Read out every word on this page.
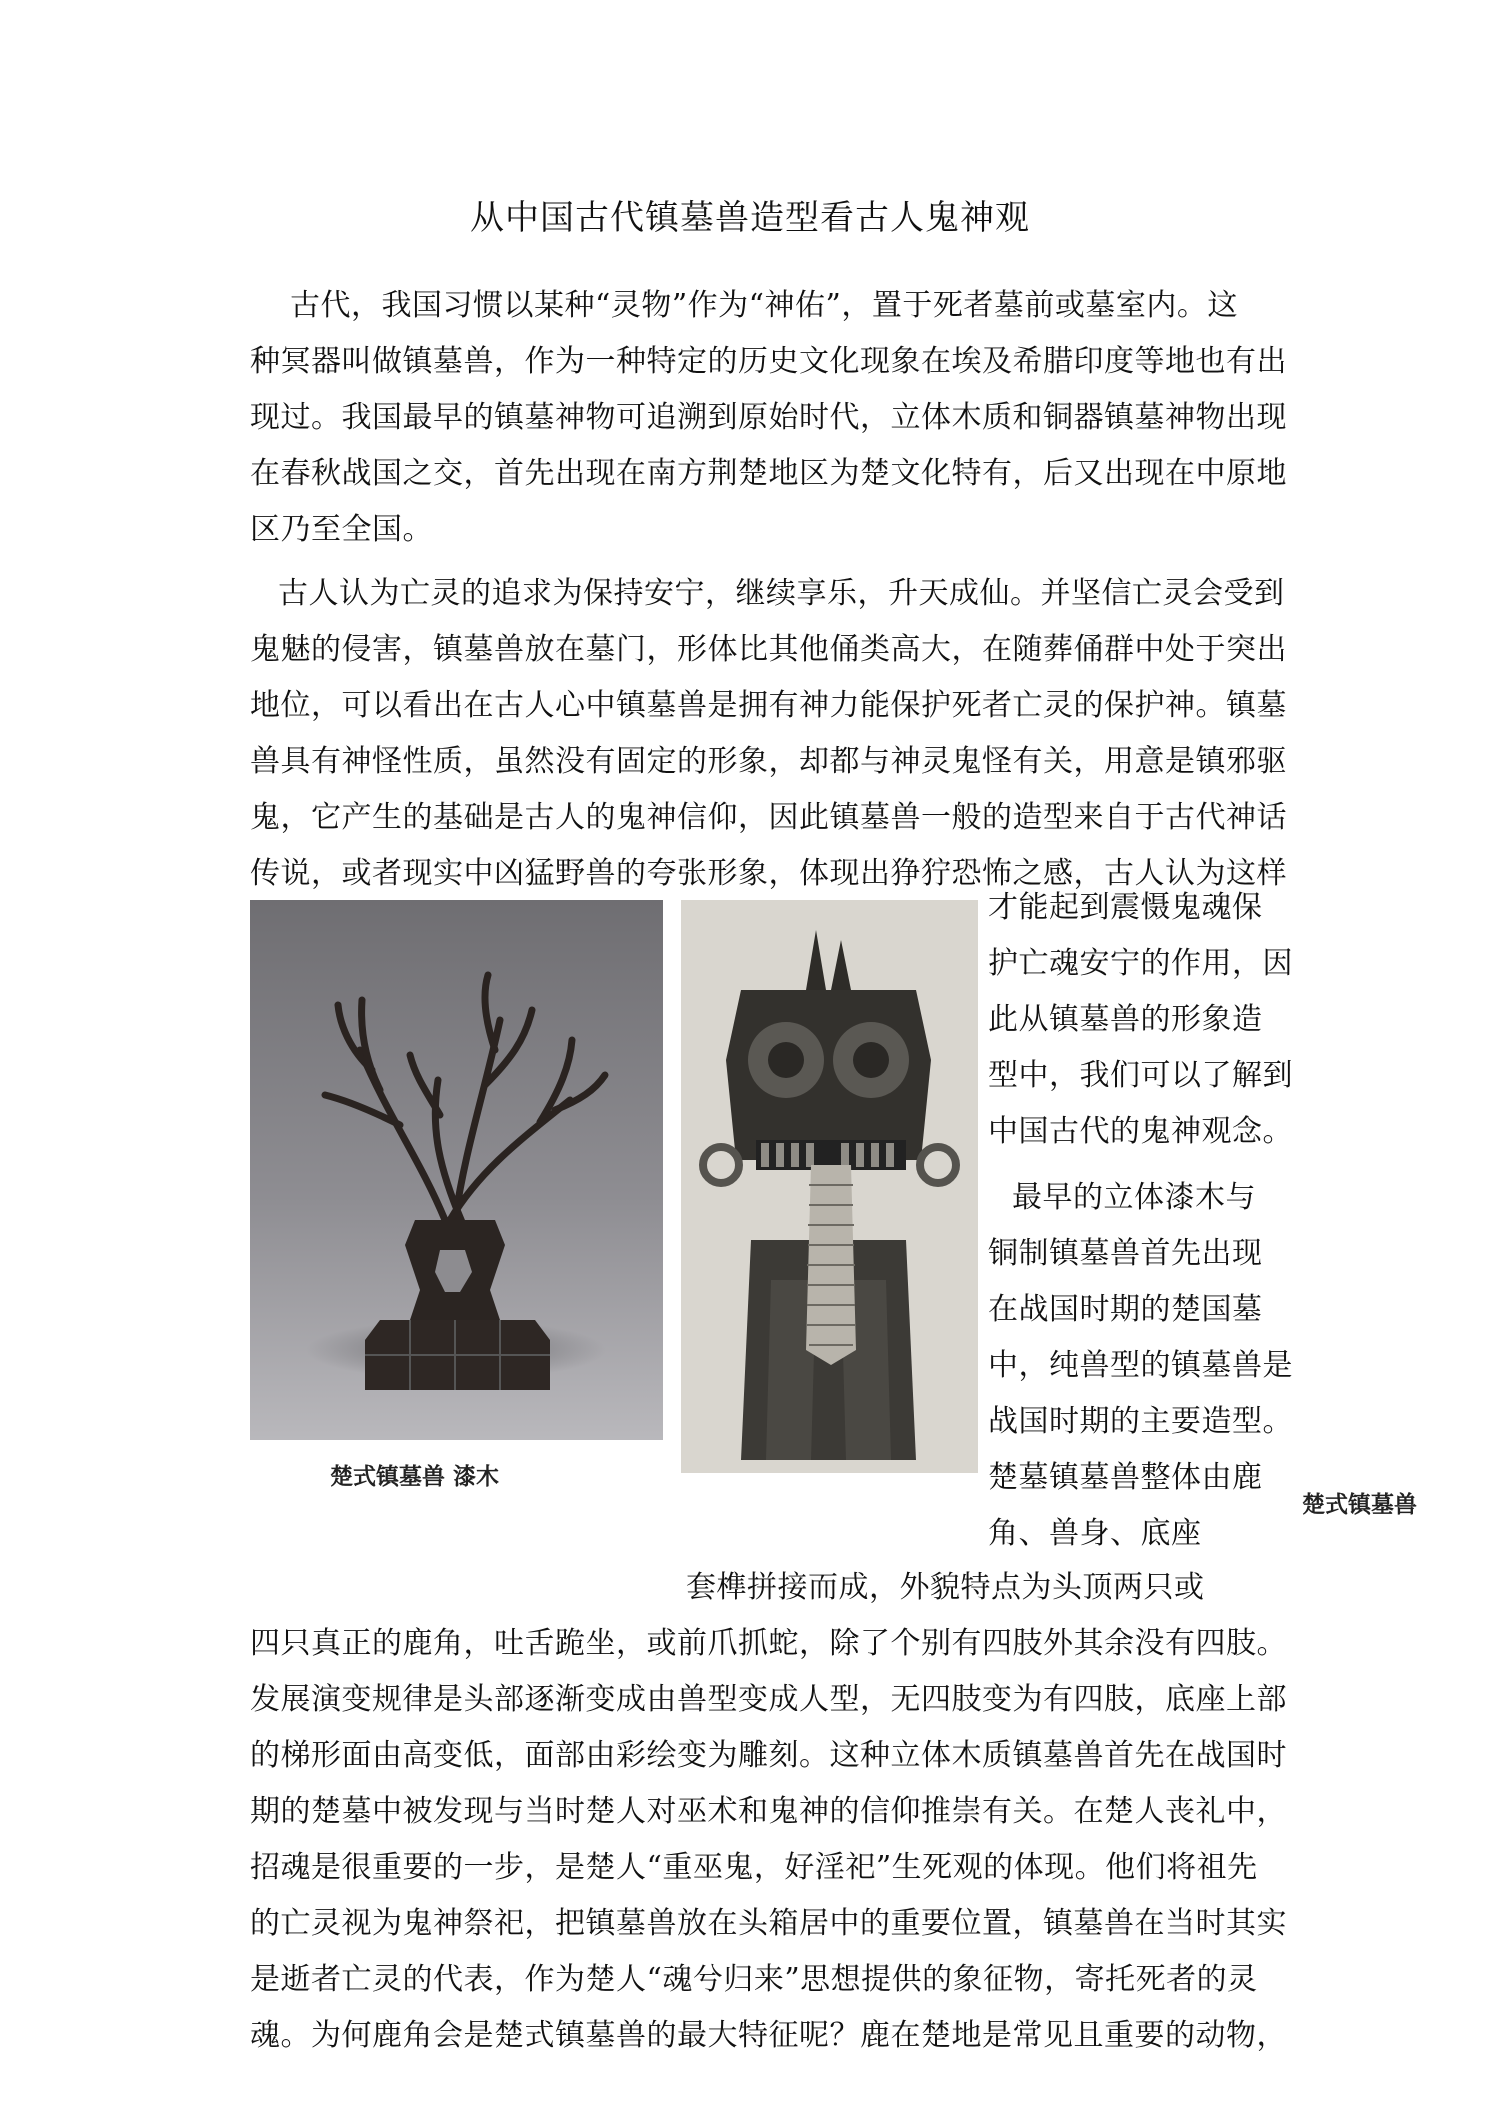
从中国古代镇墓兽造型看古人鬼神观
古代，我国习惯以某种“灵物”作为“神佑”，置于死者墓前或墓室内。这
种冥器叫做镇墓兽，作为一种特定的历史文化现象在埃及希腊印度等地也有出
现过。我国最早的镇墓神物可追溯到原始时代，立体木质和铜器镇墓神物出现
在春秋战国之交，首先出现在南方荆楚地区为楚文化特有，后又出现在中原地
区乃至全国。
古人认为亡灵的追求为保持安宁，继续享乐，升天成仙。并坚信亡灵会受到
鬼魅的侵害，镇墓兽放在墓门，形体比其他俑类高大，在随葬俑群中处于突出
地位，可以看出在古人心中镇墓兽是拥有神力能保护死者亡灵的保护神。镇墓
兽具有神怪性质，虽然没有固定的形象，却都与神灵鬼怪有关，用意是镇邪驱
鬼，它产生的基础是古人的鬼神信仰，因此镇墓兽一般的造型来自于古代神话
传说，或者现实中凶猛野兽的夸张形象，体现出狰狞恐怖之感，古人认为这样
才能起到震慑鬼魂保
护亡魂安宁的作用，因
此从镇墓兽的形象造
型中，我们可以了解到
中国古代的鬼神观念。
最早的立体漆木与
铜制镇墓兽首先出现
在战国时期的楚国墓
中，纯兽型的镇墓兽是
战国时期的主要造型。
楚墓镇墓兽整体由鹿
角、兽身、底座
楚式镇墓兽 漆木
楚式镇墓兽
套榫拼接而成，外貌特点为头顶两只或
四只真正的鹿角，吐舌跪坐，或前爪抓蛇，除了个别有四肢外其余没有四肢。
发展演变规律是头部逐渐变成由兽型变成人型，无四肢变为有四肢，底座上部
的梯形面由高变低，面部由彩绘变为雕刻。这种立体木质镇墓兽首先在战国时
期的楚墓中被发现与当时楚人对巫术和鬼神的信仰推崇有关。在楚人丧礼中，
招魂是很重要的一步，是楚人“重巫鬼，好淫祀”生死观的体现。他们将祖先
的亡灵视为鬼神祭祀，把镇墓兽放在头箱居中的重要位置，镇墓兽在当时其实
是逝者亡灵的代表，作为楚人“魂兮归来”思想提供的象征物，寄托死者的灵
魂。为何鹿角会是楚式镇墓兽的最大特征呢？鹿在楚地是常见且重要的动物，
